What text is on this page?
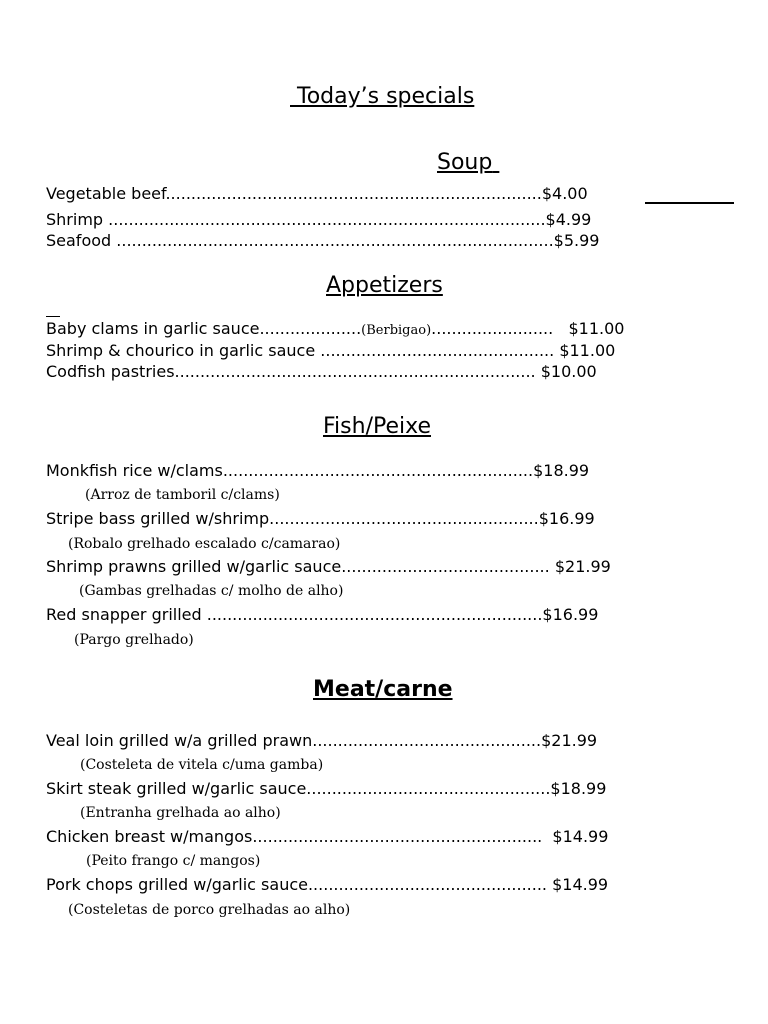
Today’s specials
Soup
Vegetable beef..........................................................................$4.00
Shrimp ......................................................................................$4.99
Seafood ......................................................................................$5.99
Appetizers
Baby clams in garlic sauce....................(Berbigao)........................ $11.00
Shrimp & chourico in garlic sauce .............................................. $11.00
Codfish pastries....................................................................... $10.00
Fish/Peixe
Monkfish rice w/clams.............................................................$18.99
(Arroz de tamboril c/clams)
Stripe bass grilled w/shrimp.....................................................$16.99
(Robalo grelhado escalado c/camarao)
Shrimp prawns grilled w/garlic sauce......................................... $21.99
(Gambas grelhadas c/ molho de alho)
Red snapper grilled ..................................................................$16.99
(Pargo grelhado)
Meat/carne
Veal loin grilled w/a grilled prawn.............................................$21.99
(Costeleta de vitela c/uma gamba)
Skirt steak grilled w/garlic sauce................................................$18.99
(Entranha grelhada ao alho)
Chicken breast w/mangos......................................................... $14.99
(Peito frango c/ mangos)
Pork chops grilled w/garlic sauce............................................... $14.99
(Costeletas de porco grelhadas ao alho)
